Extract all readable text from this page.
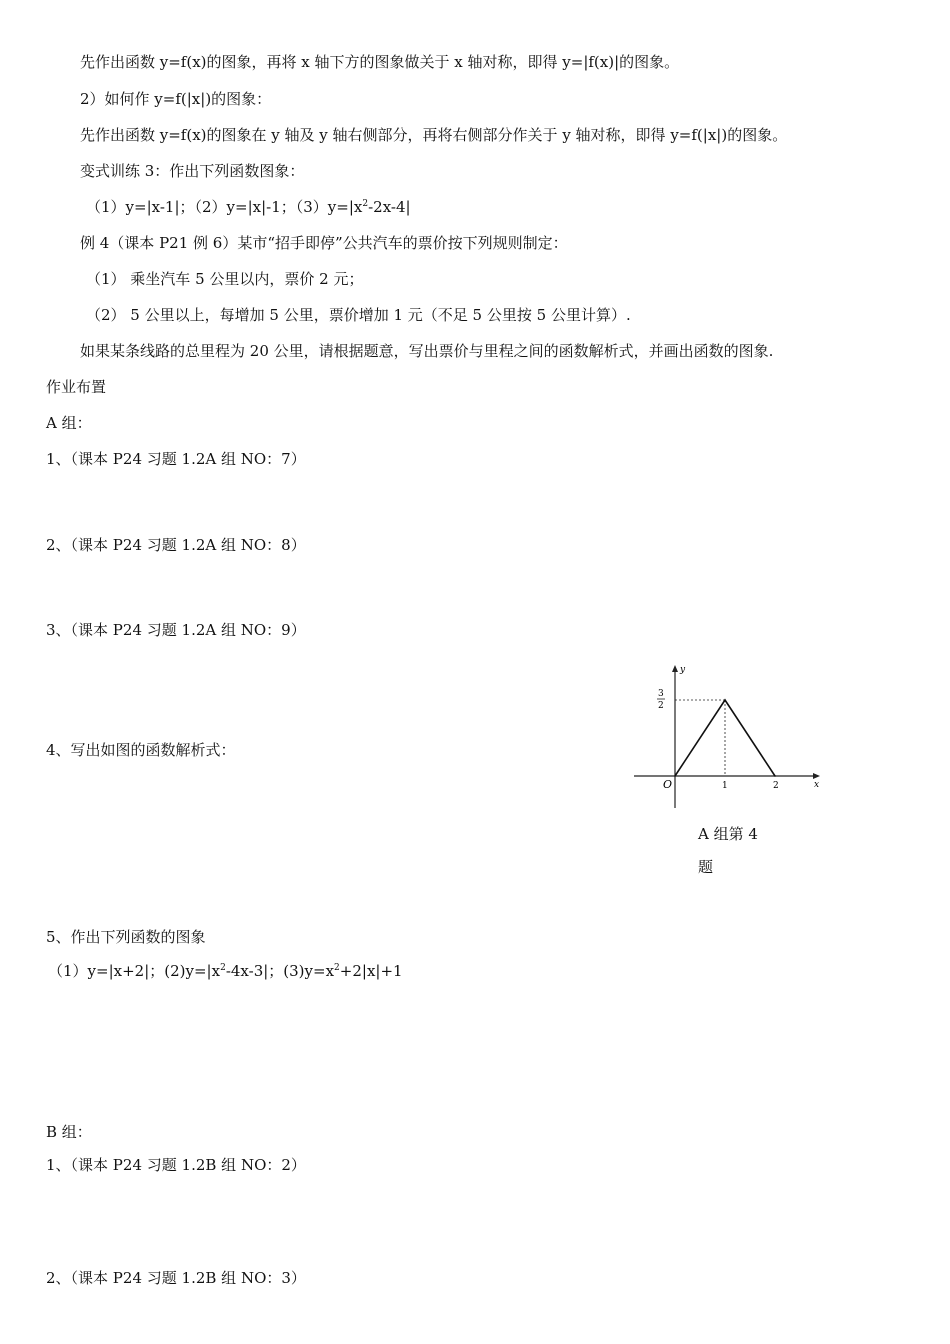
先作出函数 y=f(x)的图象，再将 x 轴下方的图象做关于 x 轴对称，即得 y=|f(x)|的图象。
2）如何作 y=f(|x|)的图象：
先作出函数 y=f(x)的图象在 y 轴及 y 轴右侧部分，再将右侧部分作关于 y 轴对称，即得 y=f(|x|)的图象。
变式训练 3：作出下列函数图象：
（1）y=|x-1|；（2）y=|x|-1；$(3)y=|x^2-2x-4|$
例 4（课本 P21 例 6）某市“招手即停”公共汽车的票价按下列规则制定：
（1） 乘坐汽车 5 公里以内，票价 2 元；
（2） 5 公里以上，每增加 5 公里，票价增加 1 元（不足 5 公里按 5 公里计算）.
如果某条线路的总里程为 20 公里，请根据题意，写出票价与里程之间的函数解析式，并画出函数的图象.
作业布置
A 组：
1、（课本 P24 习题 1.2A 组 NO：7）
2、（课本 P24 习题 1.2A 组 NO：8）
3、（课本 P24 习题 1.2A 组 NO：9）
4、写出如图的函数解析式：
y
x
O
3
2
1	2
A 组第 4
题
5、作出下列函数的图象
（1）y=|x+2|；$(2)y=|x^2-4x-3|$；$(3)y=x^2+2|x|+1$
B 组：
1、（课本 P24 习题 1.2B 组 NO：2）
2、（课本 P24 习题 1.2B 组 NO：3）
